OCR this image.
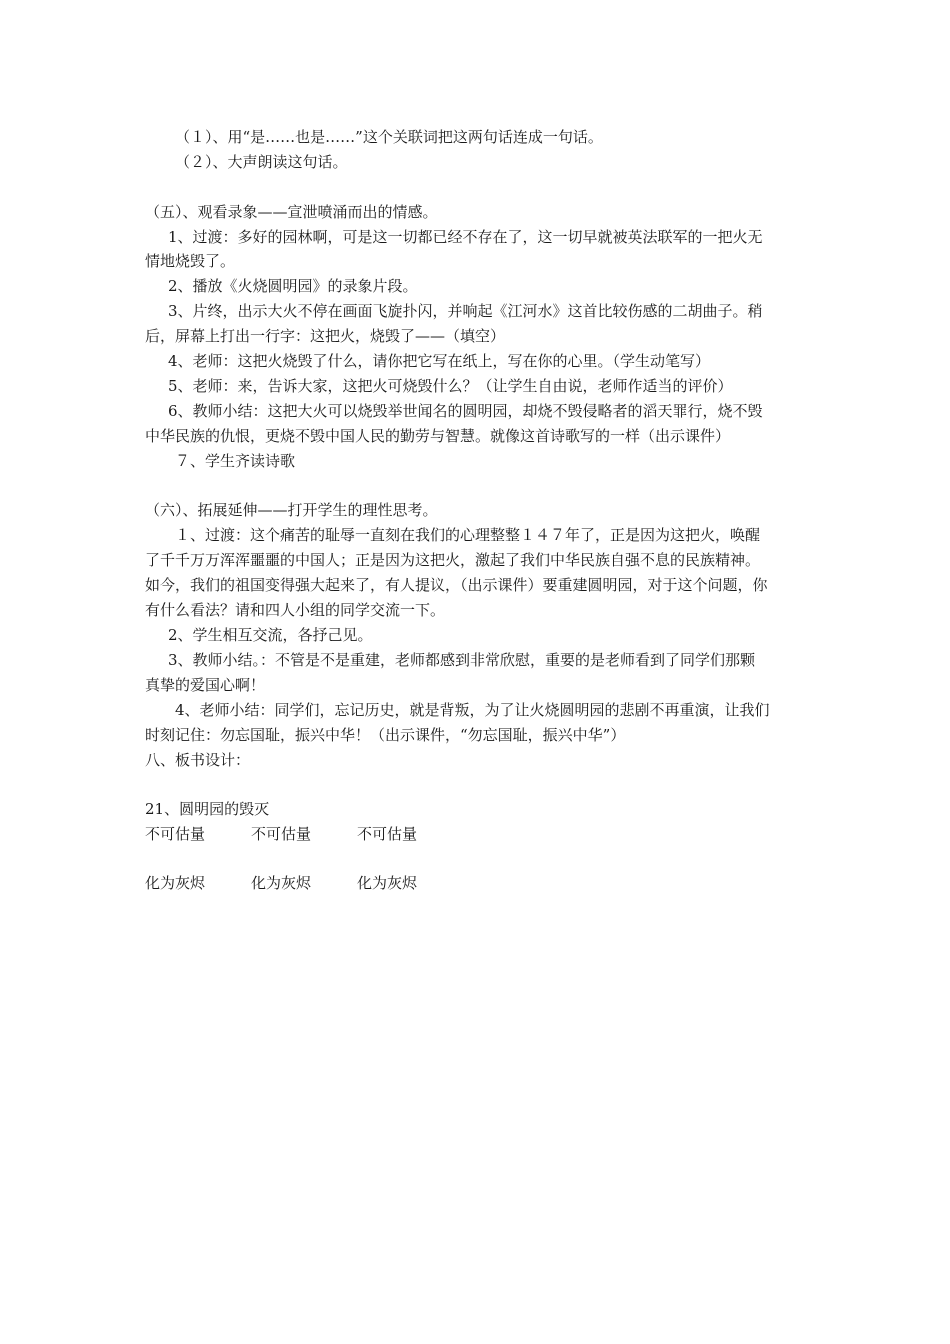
（１）、用“是……也是……”这个关联词把这两句话连成一句话。
（２）、大声朗读这句话。
（五）、观看录象——宣泄喷涌而出的情感。
1、过渡：多好的园林啊，可是这一切都已经不存在了，这一切早就被英法联军的一把火无
情地烧毁了。
2、播放《火烧圆明园》的录象片段。
3、片终，出示大火不停在画面飞旋扑闪，并响起《江河水》这首比较伤感的二胡曲子。稍
后，屏幕上打出一行字：这把火，烧毁了——（填空）
4、老师：这把火烧毁了什么，请你把它写在纸上，写在你的心里。（学生动笔写）
5、老师：来，告诉大家，这把火可烧毁什么？（让学生自由说，老师作适当的评价）
6、教师小结：这把大火可以烧毁举世闻名的圆明园，却烧不毁侵略者的滔天罪行，烧不毁
中华民族的仇恨，更烧不毁中国人民的勤劳与智慧。就像这首诗歌写的一样（出示课件）
７、学生齐读诗歌
（六）、拓展延伸——打开学生的理性思考。
１、过渡：这个痛苦的耻辱一直刻在我们的心理整整１４７年了，正是因为这把火，唤醒
了千千万万浑浑噩噩的中国人；正是因为这把火，激起了我们中华民族自强不息的民族精神。
如今，我们的祖国变得强大起来了，有人提议，（出示课件）要重建圆明园，对于这个问题，你
有什么看法？请和四人小组的同学交流一下。
2、学生相互交流，各抒己见。
3、教师小结。：不管是不是重建，老师都感到非常欣慰，重要的是老师看到了同学们那颗
真挚的爱国心啊！
4、老师小结：同学们，忘记历史，就是背叛，为了让火烧圆明园的悲剧不再重演，让我们
时刻记住：勿忘国耻，振兴中华！（出示课件，“勿忘国耻，振兴中华”）
八、板书设计：
21、圆明园的毁灭
不可估量	不可估量	不可估量
化为灰烬	化为灰烬	化为灰烬
